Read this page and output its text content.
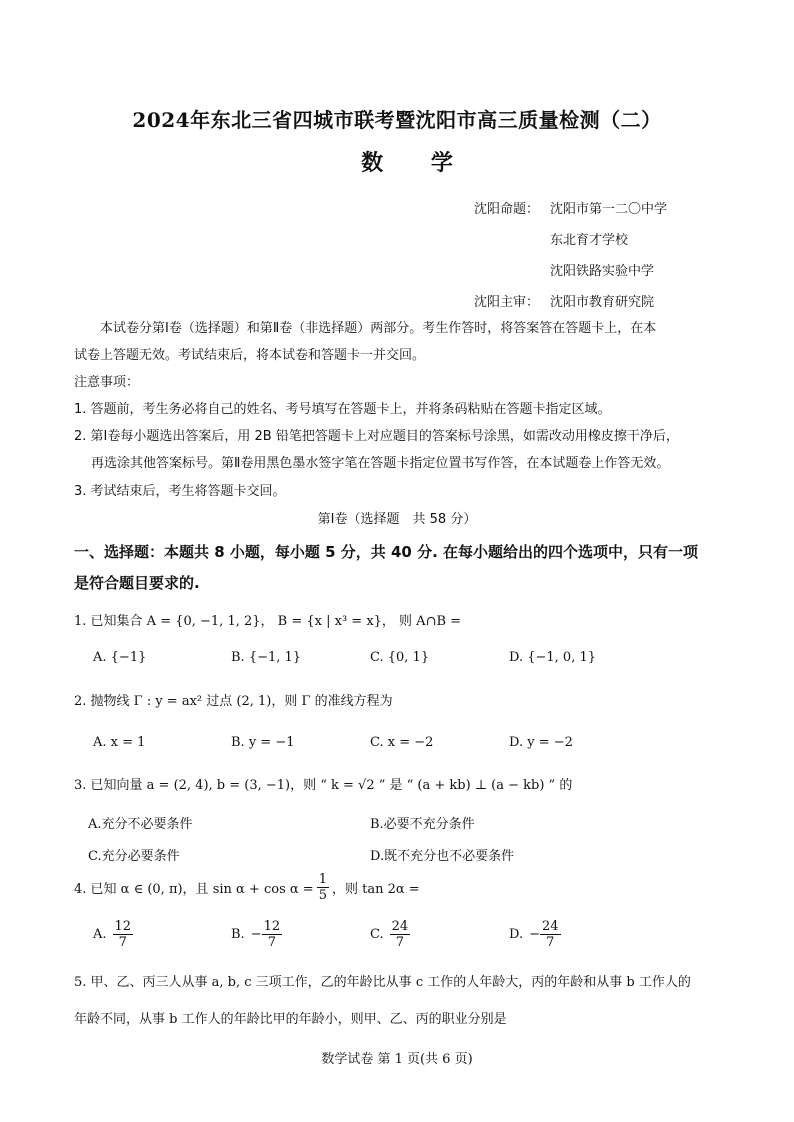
2024年东北三省四城市联考暨沈阳市高三质量检测（二）
数 学
沈阳命题： 沈阳市第一二〇中学
东北育才学校
沈阳铁路实验中学
沈阳主审： 沈阳市教育研究院
本试卷分第Ⅰ卷（选择题）和第Ⅱ卷（非选择题）两部分。考生作答时，将答案答在答题卡上，在本
试卷上答题无效。考试结束后，将本试卷和答题卡一并交回。
注意事项：
1. 答题前，考生务必将自己的姓名、考号填写在答题卡上，并将条码粘贴在答题卡指定区域。
2. 第Ⅰ卷每小题选出答案后，用 2B 铅笔把答题卡上对应题目的答案标号涂黑，如需改动用橡皮擦干净后，
再选涂其他答案标号。第Ⅱ卷用黑色墨水签字笔在答题卡指定位置书写作答，在本试题卷上作答无效。
3. 考试结束后，考生将答题卡交回。
第Ⅰ卷（选择题　共 58 分）
一、选择题：本题共 8 小题，每小题 5 分，共 40 分. 在每小题给出的四个选项中，只有一项
是符合题目要求的.
1. 已知集合 A = {0, −1, 1, 2}， B = {x | x³ = x}， 则 A∩B =
A. {−1}	B. {−1, 1}	C. {0, 1}	D. {−1, 0, 1}
2. 抛物线 Γ : y = ax² 过点 (2, 1)，则 Γ 的准线方程为
A. x = 1	B. y = −1	C. x = −2	D. y = −2
3. 已知向量 a = (2, 4), b = (3, −1)，则 “ k = √2 ” 是 “ (a + kb) ⊥ (a − kb) ” 的
A.充分不必要条件	B.必要不充分条件
C.充分必要条件	D.既不充分也不必要条件
4. 已知 α ∈ (0, π)，且 $\sin \alpha + \cos \alpha = \frac{1}{5}$ ，则 tan 2α =
A. $\frac{12}{7}$	B. − $\frac{12}{7}$	C. $\frac{24}{7}$	D. − $\frac{24}{7}$
5. 甲、乙、丙三人从事 a, b, c 三项工作，乙的年龄比从事 c 工作的人年龄大，丙的年龄和从事 b 工作人的
年龄不同，从事 b 工作人的年龄比甲的年龄小，则甲、乙、丙的职业分别是
数学试卷 第 1 页(共 6 页)
